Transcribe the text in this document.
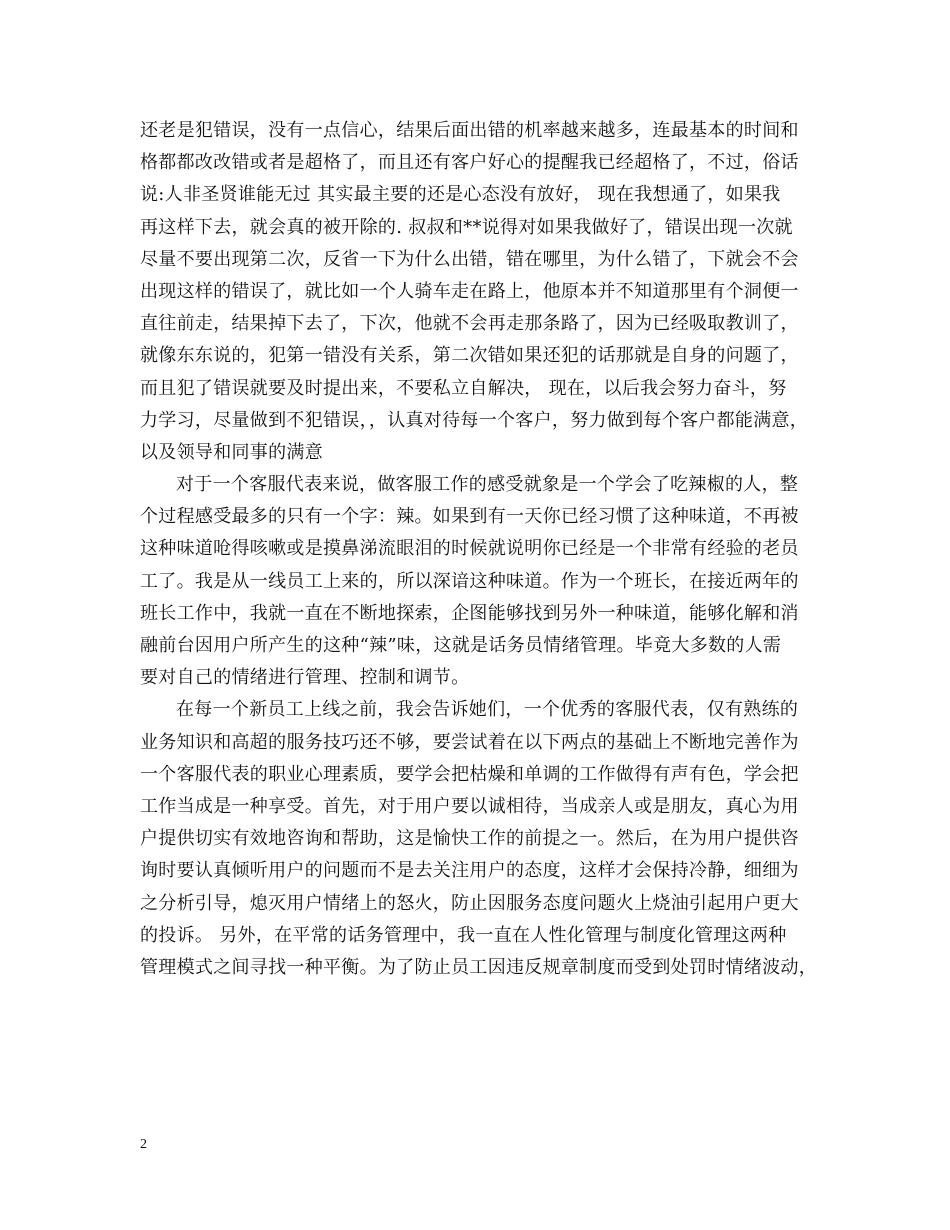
还老是犯错误，没有一点信心，结果后面出错的机率越来越多，连最基本的时间和
格都都改改错或者是超格了，而且还有客户好心的提醒我已经超格了，不过，俗话
说:人非圣贤谁能无过 其实最主要的还是心态没有放好， 现在我想通了，如果我
再这样下去，就会真的被开除的. 叔叔和**说得对如果我做好了，错误出现一次就
尽量不要出现第二次，反省一下为什么出错，错在哪里，为什么错了，下就会不会
出现这样的错误了，就比如一个人骑车走在路上，他原本并不知道那里有个洞便一
直往前走，结果掉下去了，下次，他就不会再走那条路了，因为已经吸取教训了，
就像东东说的，犯第一错没有关系，第二次错如果还犯的话那就是自身的问题了，
而且犯了错误就要及时提出来，不要私立自解决， 现在，以后我会努力奋斗，努
力学习，尽量做到不犯错误，，认真对待每一个客户，努力做到每个客户都能满意，
以及领导和同事的满意
对于一个客服代表来说，做客服工作的感受就象是一个学会了吃辣椒的人，整
个过程感受最多的只有一个字：辣。如果到有一天你已经习惯了这种味道，不再被
这种味道呛得咳嗽或是摸鼻涕流眼泪的时候就说明你已经是一个非常有经验的老员
工了。我是从一线员工上来的，所以深谙这种味道。作为一个班长，在接近两年的
班长工作中，我就一直在不断地探索，企图能够找到另外一种味道，能够化解和消
融前台因用户所产生的这种“辣”味，这就是话务员情绪管理。毕竟大多数的人需
要对自己的情绪进行管理、控制和调节。
在每一个新员工上线之前，我会告诉她们，一个优秀的客服代表，仅有熟练的
业务知识和高超的服务技巧还不够，要尝试着在以下两点的基础上不断地完善作为
一个客服代表的职业心理素质，要学会把枯燥和单调的工作做得有声有色，学会把
工作当成是一种享受。首先，对于用户要以诚相待，当成亲人或是朋友，真心为用
户提供切实有效地咨询和帮助，这是愉快工作的前提之一。然后，在为用户提供咨
询时要认真倾听用户的问题而不是去关注用户的态度，这样才会保持冷静，细细为
之分析引导，熄灭用户情绪上的怒火，防止因服务态度问题火上烧油引起用户更大
的投诉。 另外，在平常的话务管理中，我一直在人性化管理与制度化管理这两种
管理模式之间寻找一种平衡。为了防止员工因违反规章制度而受到处罚时情绪波动，
2
